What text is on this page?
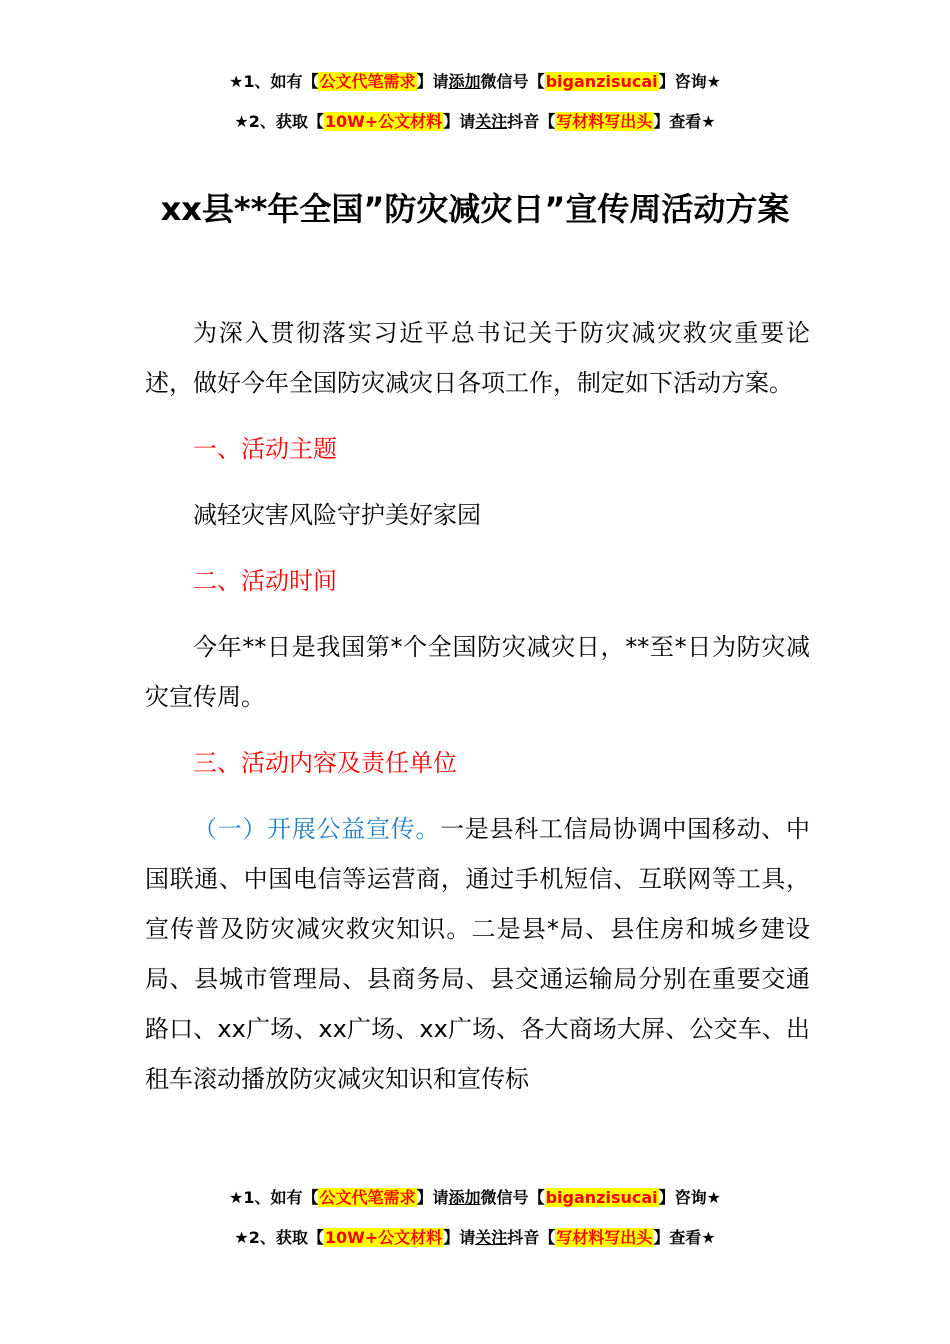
★1、如有【公文代笔需求】请添加微信号【biganzisucai】咨询★
★2、获取【10W+公文材料】请关注抖音【写材料写出头】查看★
xx县**年全国”防灾减灾日”宣传周活动方案

为深入贯彻落实习近平总书记关于防灾减灾救灾重要论述，做好今年全国防灾减灾日各项工作，制定如下活动方案。

一、活动主题

减轻灾害风险守护美好家园

二、活动时间

今年**日是我国第*个全国防灾减灾日，**至*日为防灾减灾宣传周。

三、活动内容及责任单位

（一）开展公益宣传。一是县科工信局协调中国移动、中国联通、中国电信等运营商，通过手机短信、互联网等工具，宣传普及防灾减灾救灾知识。二是县*局、县住房和城乡建设局、县城市管理局、县商务局、县交通运输局分别在重要交通路口、xx广场、xx广场、xx广场、各大商场大屏、公交车、出租车滚动播放防灾减灾知识和宣传标

★1、如有【公文代笔需求】请添加微信号【biganzisucai】咨询★
★2、获取【10W+公文材料】请关注抖音【写材料写出头】查看★
